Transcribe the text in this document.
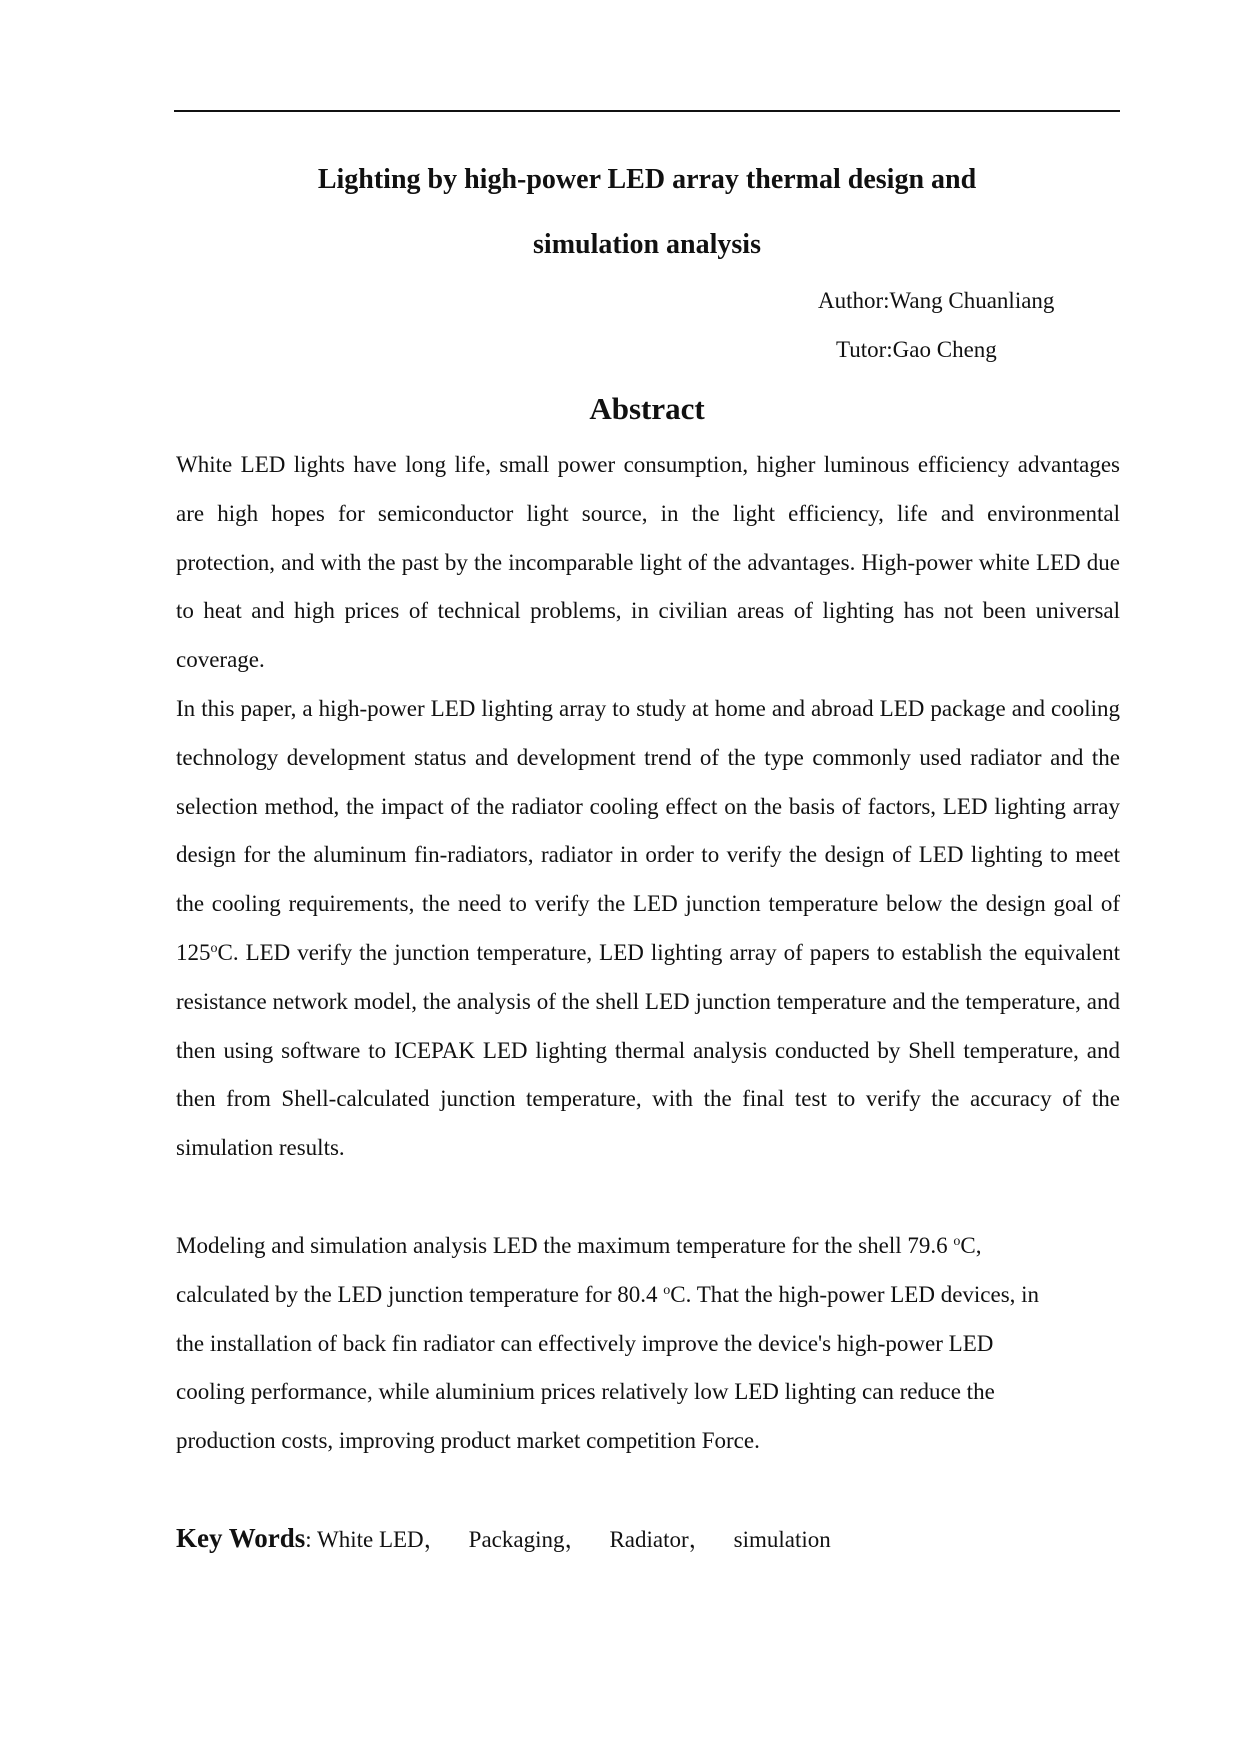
Lighting by high-power LED array thermal design and
simulation analysis
Author:Wang Chuanliang
Tutor:Gao Cheng
Abstract

White LED lights have long life, small power consumption, higher luminous efficiency advantages are high hopes for semiconductor light source, in the light efficiency, life and environmental protection, and with the past by the incomparable light of the advantages. High-power white LED due to heat and high prices of technical problems, in civilian areas of lighting has not been universal coverage.

In this paper, a high-power LED lighting array to study at home and abroad LED package and cooling technology development status and development trend of the type commonly used radiator and the selection method, the impact of the radiator cooling effect on the basis of factors, LED lighting array design for the aluminum fin-radiators, radiator in order to verify the design of LED lighting to meet the cooling requirements, the need to verify the LED junction temperature below the design goal of 125$^o$C. LED verify the junction temperature, LED lighting array of papers to establish the equivalent resistance network model, the analysis of the shell LED junction temperature and the temperature, and then using software to ICEPAK LED lighting thermal analysis conducted by Shell temperature, and then from Shell-calculated junction temperature, with the final test to verify the accuracy of the simulation results.

Modeling and simulation analysis LED the maximum temperature for the shell 79.6 $^o$C,
calculated by the LED junction temperature for 80.4 $^o$C. That the high-power LED devices, in
the installation of back fin radiator can effectively improve the device's high-power LED
cooling performance, while aluminium prices relatively low LED lighting can reduce the
production costs, improving product market competition Force.

Key Words: White LED， Packaging， Radiator， simulation
